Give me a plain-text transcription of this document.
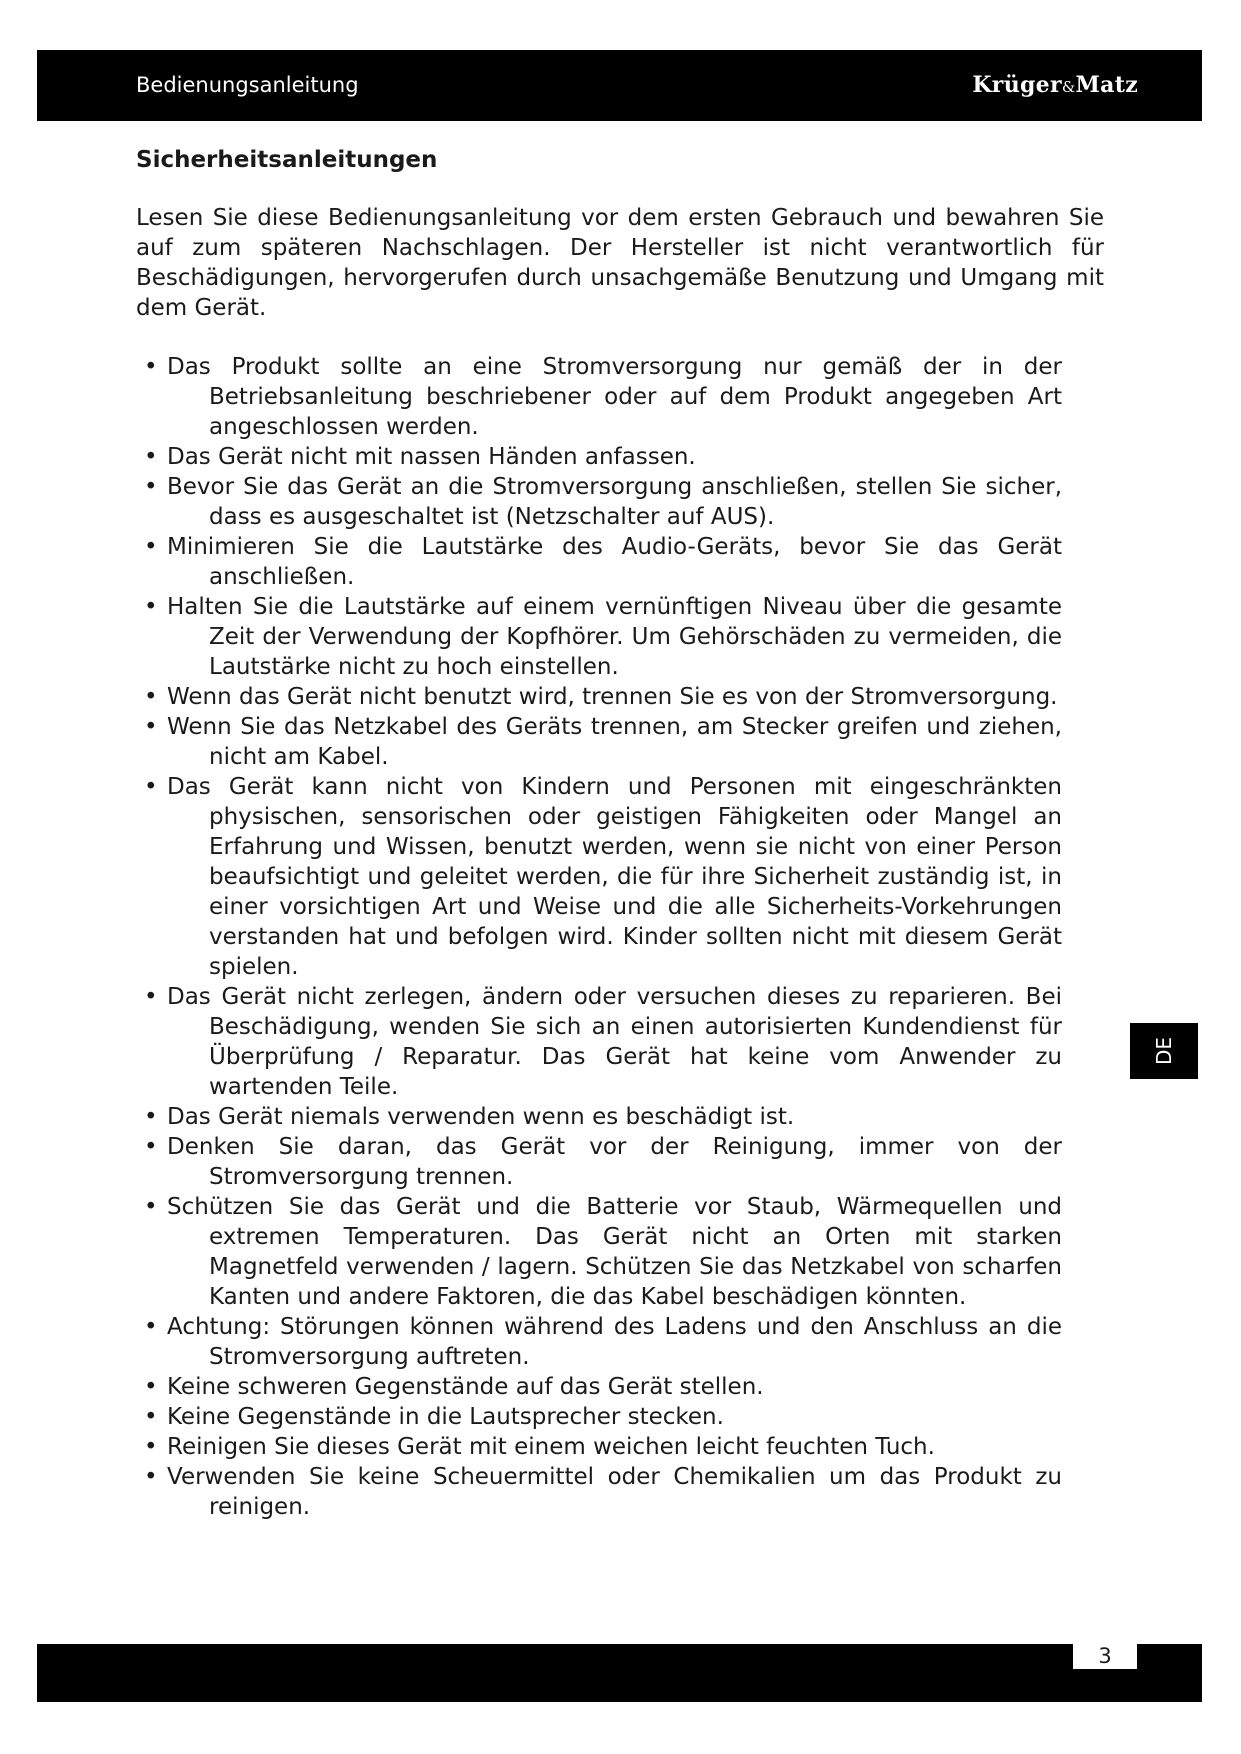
Bedienungsanleitung	Krüger&Matz
Sicherheitsanleitungen

Lesen Sie diese Bedienungsanleitung vor dem ersten Gebrauch und bewahren Sie auf zum späteren Nachschlagen. Der Hersteller ist nicht verantwortlich für Beschädigungen, hervorgerufen durch unsachgemäße Benutzung und Umgang mit dem Gerät.

• Das Produkt sollte an eine Stromversorgung nur gemäß der in der Betriebsanleitung beschriebener oder auf dem Produkt angegeben Art angeschlossen werden.
• Das Gerät nicht mit nassen Händen anfassen.
• Bevor Sie das Gerät an die Stromversorgung anschließen, stellen Sie sicher, dass es ausgeschaltet ist (Netzschalter auf AUS).
• Minimieren Sie die Lautstärke des Audio-Geräts, bevor Sie das Gerät anschließen.
• Halten Sie die Lautstärke auf einem vernünftigen Niveau über die gesamte Zeit der Verwendung der Kopfhörer. Um Gehörschäden zu vermeiden, die Lautstärke nicht zu hoch einstellen.
• Wenn das Gerät nicht benutzt wird, trennen Sie es von der Stromversorgung.
• Wenn Sie das Netzkabel des Geräts trennen, am Stecker greifen und ziehen, nicht am Kabel.
• Das Gerät kann nicht von Kindern und Personen mit eingeschränkten physischen, sensorischen oder geistigen Fähigkeiten oder Mangel an Erfahrung und Wissen, benutzt werden, wenn sie nicht von einer Person beaufsichtigt und geleitet werden, die für ihre Sicherheit zuständig ist, in einer vorsichtigen Art und Weise und die alle Sicherheits-Vorkehrungen verstanden hat und befolgen wird. Kinder sollten nicht mit diesem Gerät spielen.
• Das Gerät nicht zerlegen, ändern oder versuchen dieses zu reparieren. Bei Beschädigung, wenden Sie sich an einen autorisierten Kundendienst für Überprüfung / Reparatur. Das Gerät hat keine vom Anwender zu wartenden Teile.
• Das Gerät niemals verwenden wenn es beschädigt ist.
• Denken Sie daran, das Gerät vor der Reinigung, immer von der Stromversorgung trennen.
• Schützen Sie das Gerät und die Batterie vor Staub, Wärmequellen und extremen Temperaturen. Das Gerät nicht an Orten mit starken Magnetfeld verwenden / lagern. Schützen Sie das Netzkabel von scharfen Kanten und andere Faktoren, die das Kabel beschädigen könnten.
• Achtung: Störungen können während des Ladens und den Anschluss an die Stromversorgung auftreten.
• Keine schweren Gegenstände auf das Gerät stellen.
• Keine Gegenstände in die Lautsprecher stecken.
• Reinigen Sie dieses Gerät mit einem weichen leicht feuchten Tuch.
• Verwenden Sie keine Scheuermittel oder Chemikalien um das Produkt zu reinigen.
DE
3
